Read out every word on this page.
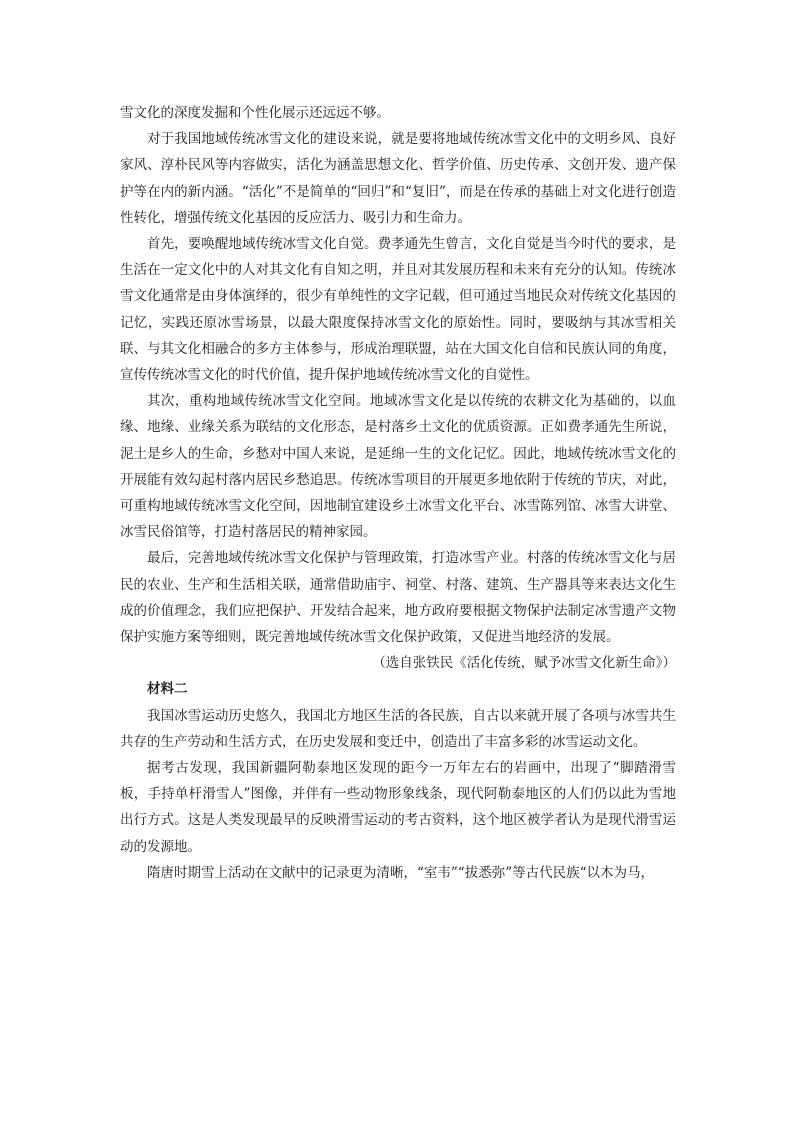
雪文化的深度发掘和个性化展示还远远不够。

对于我国地域传统冰雪文化的建设来说，就是要将地域传统冰雪文化中的文明乡风、良好家风、淳朴民风等内容做实，活化为涵盖思想文化、哲学价值、历史传承、文创开发、遗产保护等在内的新内涵。“活化”不是简单的“回归”和“复旧”，而是在传承的基础上对文化进行创造性转化，增强传统文化基因的反应活力、吸引力和生命力。

首先，要唤醒地域传统冰雪文化自觉。费孝通先生曾言，文化自觉是当今时代的要求，是生活在一定文化中的人对其文化有自知之明，并且对其发展历程和未来有充分的认知。传统冰雪文化通常是由身体演绎的，很少有单纯性的文字记载，但可通过当地民众对传统文化基因的记忆，实践还原冰雪场景，以最大限度保持冰雪文化的原始性。同时，要吸纳与其冰雪相关联、与其文化相融合的多方主体参与，形成治理联盟，站在大国文化自信和民族认同的角度，宣传传统冰雪文化的时代价值，提升保护地域传统冰雪文化的自觉性。

其次，重构地域传统冰雪文化空间。地域冰雪文化是以传统的农耕文化为基础的，以血缘、地缘、业缘关系为联结的文化形态，是村落乡土文化的优质资源。正如费孝通先生所说，泥土是乡人的生命，乡愁对中国人来说，是延绵一生的文化记忆。因此，地域传统冰雪文化的开展能有效勾起村落内居民乡愁追思。传统冰雪项目的开展更多地依附于传统的节庆，对此，可重构地域传统冰雪文化空间，因地制宜建设乡土冰雪文化平台、冰雪陈列馆、冰雪大讲堂、冰雪民俗馆等，打造村落居民的精神家园。

最后，完善地域传统冰雪文化保护与管理政策，打造冰雪产业。村落的传统冰雪文化与居民的农业、生产和生活相关联，通常借助庙宇、祠堂、村落、建筑、生产器具等来表达文化生成的价值理念，我们应把保护、开发结合起来，地方政府要根据文物保护法制定冰雪遗产文物保护实施方案等细则，既完善地域传统冰雪文化保护政策，又促进当地经济的发展。

（选自张铁民《活化传统，赋予冰雪文化新生命》）

材料二

我国冰雪运动历史悠久，我国北方地区生活的各民族，自古以来就开展了各项与冰雪共生共存的生产劳动和生活方式，在历史发展和变迁中，创造出了丰富多彩的冰雪运动文化。

据考古发现，我国新疆阿勒泰地区发现的距今一万年左右的岩画中，出现了“脚踏滑雪板，手持单杆滑雪人”图像，并伴有一些动物形象线条，现代阿勒泰地区的人们仍以此为雪地出行方式。这是人类发现最早的反映滑雪运动的考古资料，这个地区被学者认为是现代滑雪运动的发源地。

隋唐时期雪上活动在文献中的记录更为清晰，“室韦”“拔悉弥”等古代民族“以木为马，
